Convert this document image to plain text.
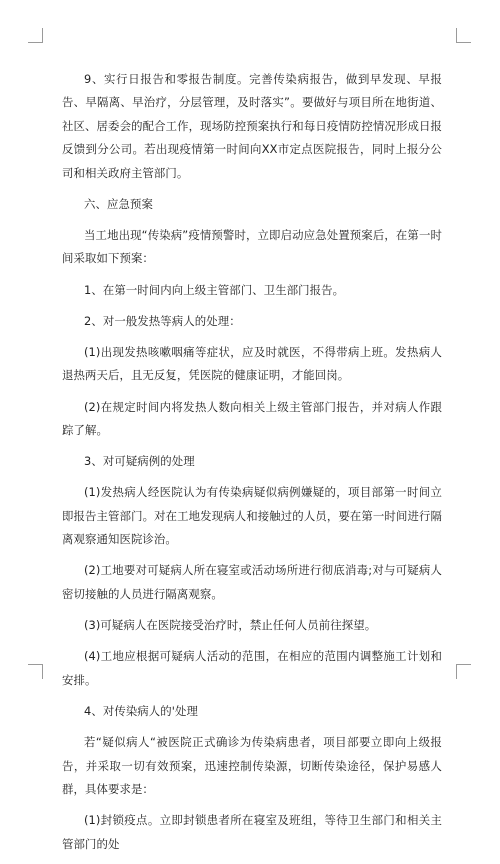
9、实行日报告和零报告制度。完善传染病报告，做到早发现、早报告、早隔离、早治疗，分层管理，及时落实”。要做好与项目所在地街道、社区、居委会的配合工作，现场防控预案执行和每日疫情防控情况形成日报反馈到分公司。若出现疫情第一时间向XX市定点医院报告，同时上报分公司和相关政府主管部门。

六、应急预案

当工地出现“传染病”疫情预警时，立即启动应急处置预案后，在第一时间采取如下预案：

1、在第一时间内向上级主管部门、卫生部门报告。

2、对一般发热等病人的处理：

(1)出现发热咳嗽咽痛等症状，应及时就医，不得带病上班。发热病人退热两天后，且无反复，凭医院的健康证明，才能回岗。

(2)在规定时间内将发热人数向相关上级主管部门报告，并对病人作跟踪了解。

3、对可疑病例的处理

(1)发热病人经医院认为有传染病疑似病例嫌疑的，项目部第一时间立即报告主管部门。对在工地发现病人和接触过的人员，要在第一时间进行隔离观察通知医院诊治。

(2)工地要对可疑病人所在寝室或活动场所进行彻底消毒;对与可疑病人密切接触的人员进行隔离观察。

(3)可疑病人在医院接受治疗时，禁止任何人员前往探望。

(4)工地应根据可疑病人活动的范围，在相应的范围内调整施工计划和安排。

4、对传染病人的'处理

若“疑似病人“被医院正式确诊为传染病患者，项目部要立即向上级报告，并采取一切有效预案，迅速控制传染源，切断传染途径，保护易感人群，具体要求是：

(1)封锁疫点。立即封锁患者所在寝室及班组，等待卫生部门和相关主管部门的处
